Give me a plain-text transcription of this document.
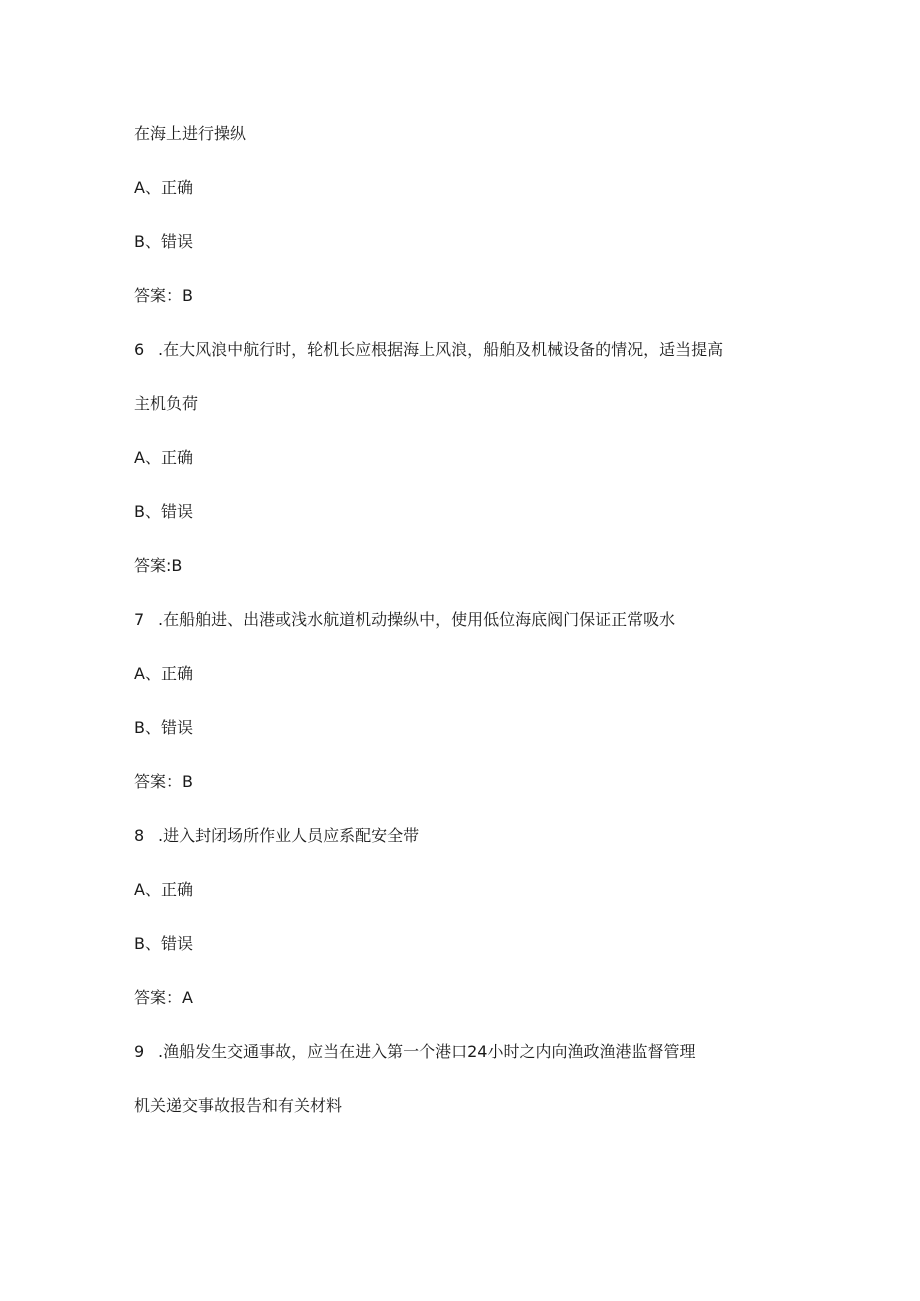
在海上进行操纵
A、正确
B、错误
答案：B
6 .在大风浪中航行时，轮机长应根据海上风浪，船舶及机械设备的情况，适当提高
主机负荷
A、正确
B、错误
答案:B
7 .在船舶进、出港或浅水航道机动操纵中，使用低位海底阀门保证正常吸水
A、正确
B、错误
答案：B
8 .进入封闭场所作业人员应系配安全带
A、正确
B、错误
答案：A
9 .渔船发生交通事故，应当在进入第一个港口24小时之内向渔政渔港监督管理
机关递交事故报告和有关材料
